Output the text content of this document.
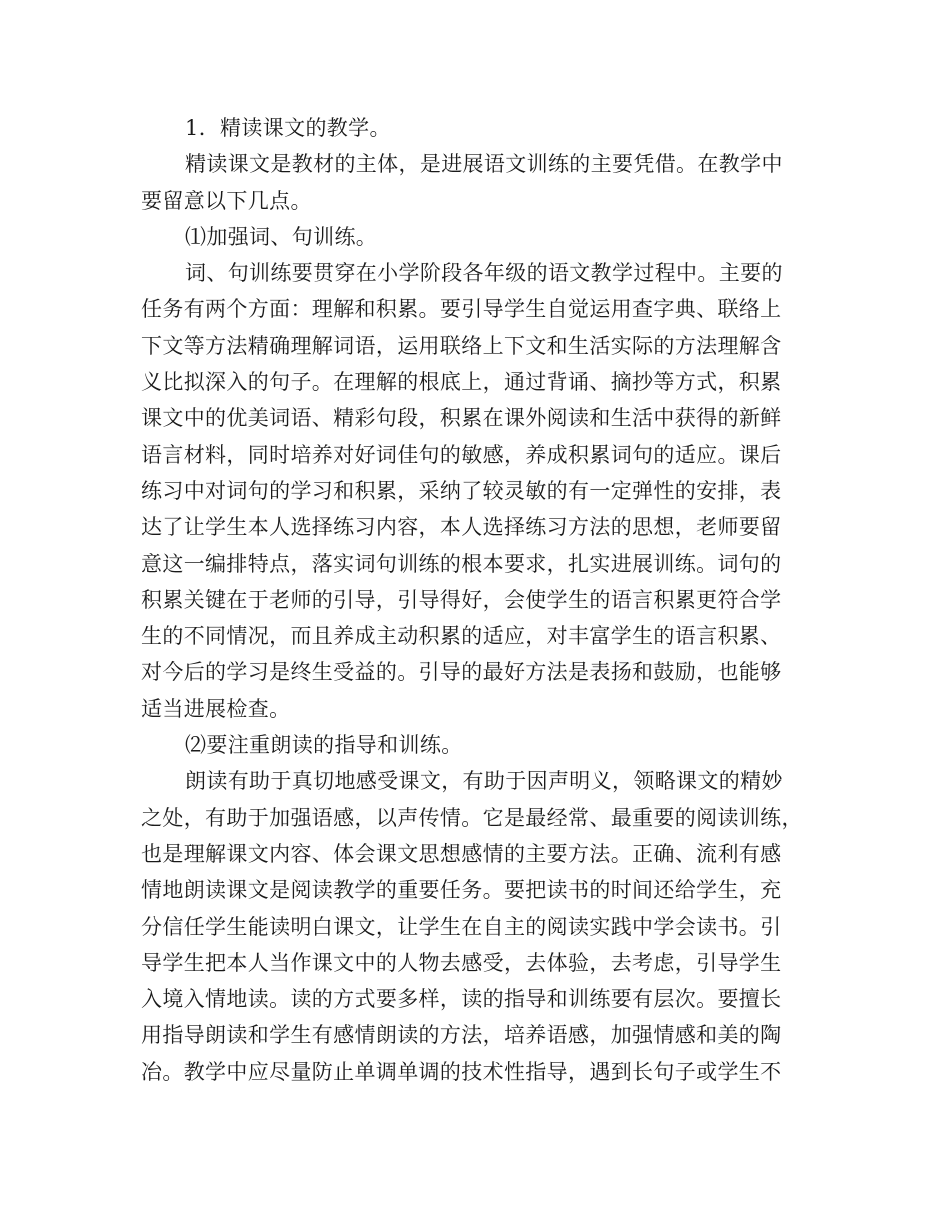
1．精读课文的教学。
精读课文是教材的主体，是进展语文训练的主要凭借。在教学中
要留意以下几点。
⑴加强词、句训练。
词、句训练要贯穿在小学阶段各年级的语文教学过程中。主要的
任务有两个方面：理解和积累。要引导学生自觉运用查字典、联络上
下文等方法精确理解词语，运用联络上下文和生活实际的方法理解含
义比拟深入的句子。在理解的根底上，通过背诵、摘抄等方式，积累
课文中的优美词语、精彩句段，积累在课外阅读和生活中获得的新鲜
语言材料，同时培养对好词佳句的敏感，养成积累词句的适应。课后
练习中对词句的学习和积累，采纳了较灵敏的有一定弹性的安排，表
达了让学生本人选择练习内容，本人选择练习方法的思想，老师要留
意这一编排特点，落实词句训练的根本要求，扎实进展训练。词句的
积累关键在于老师的引导，引导得好，会使学生的语言积累更符合学
生的不同情况，而且养成主动积累的适应，对丰富学生的语言积累、
对今后的学习是终生受益的。引导的最好方法是表扬和鼓励，也能够
适当进展检查。
⑵要注重朗读的指导和训练。
朗读有助于真切地感受课文，有助于因声明义，领略课文的精妙
之处，有助于加强语感，以声传情。它是最经常、最重要的阅读训练，
也是理解课文内容、体会课文思想感情的主要方法。正确、流利有感
情地朗读课文是阅读教学的重要任务。要把读书的时间还给学生，充
分信任学生能读明白课文，让学生在自主的阅读实践中学会读书。引
导学生把本人当作课文中的人物去感受，去体验，去考虑，引导学生
入境入情地读。读的方式要多样，读的指导和训练要有层次。要擅长
用指导朗读和学生有感情朗读的方法，培养语感，加强情感和美的陶
冶。教学中应尽量防止单调单调的技术性指导，遇到长句子或学生不
